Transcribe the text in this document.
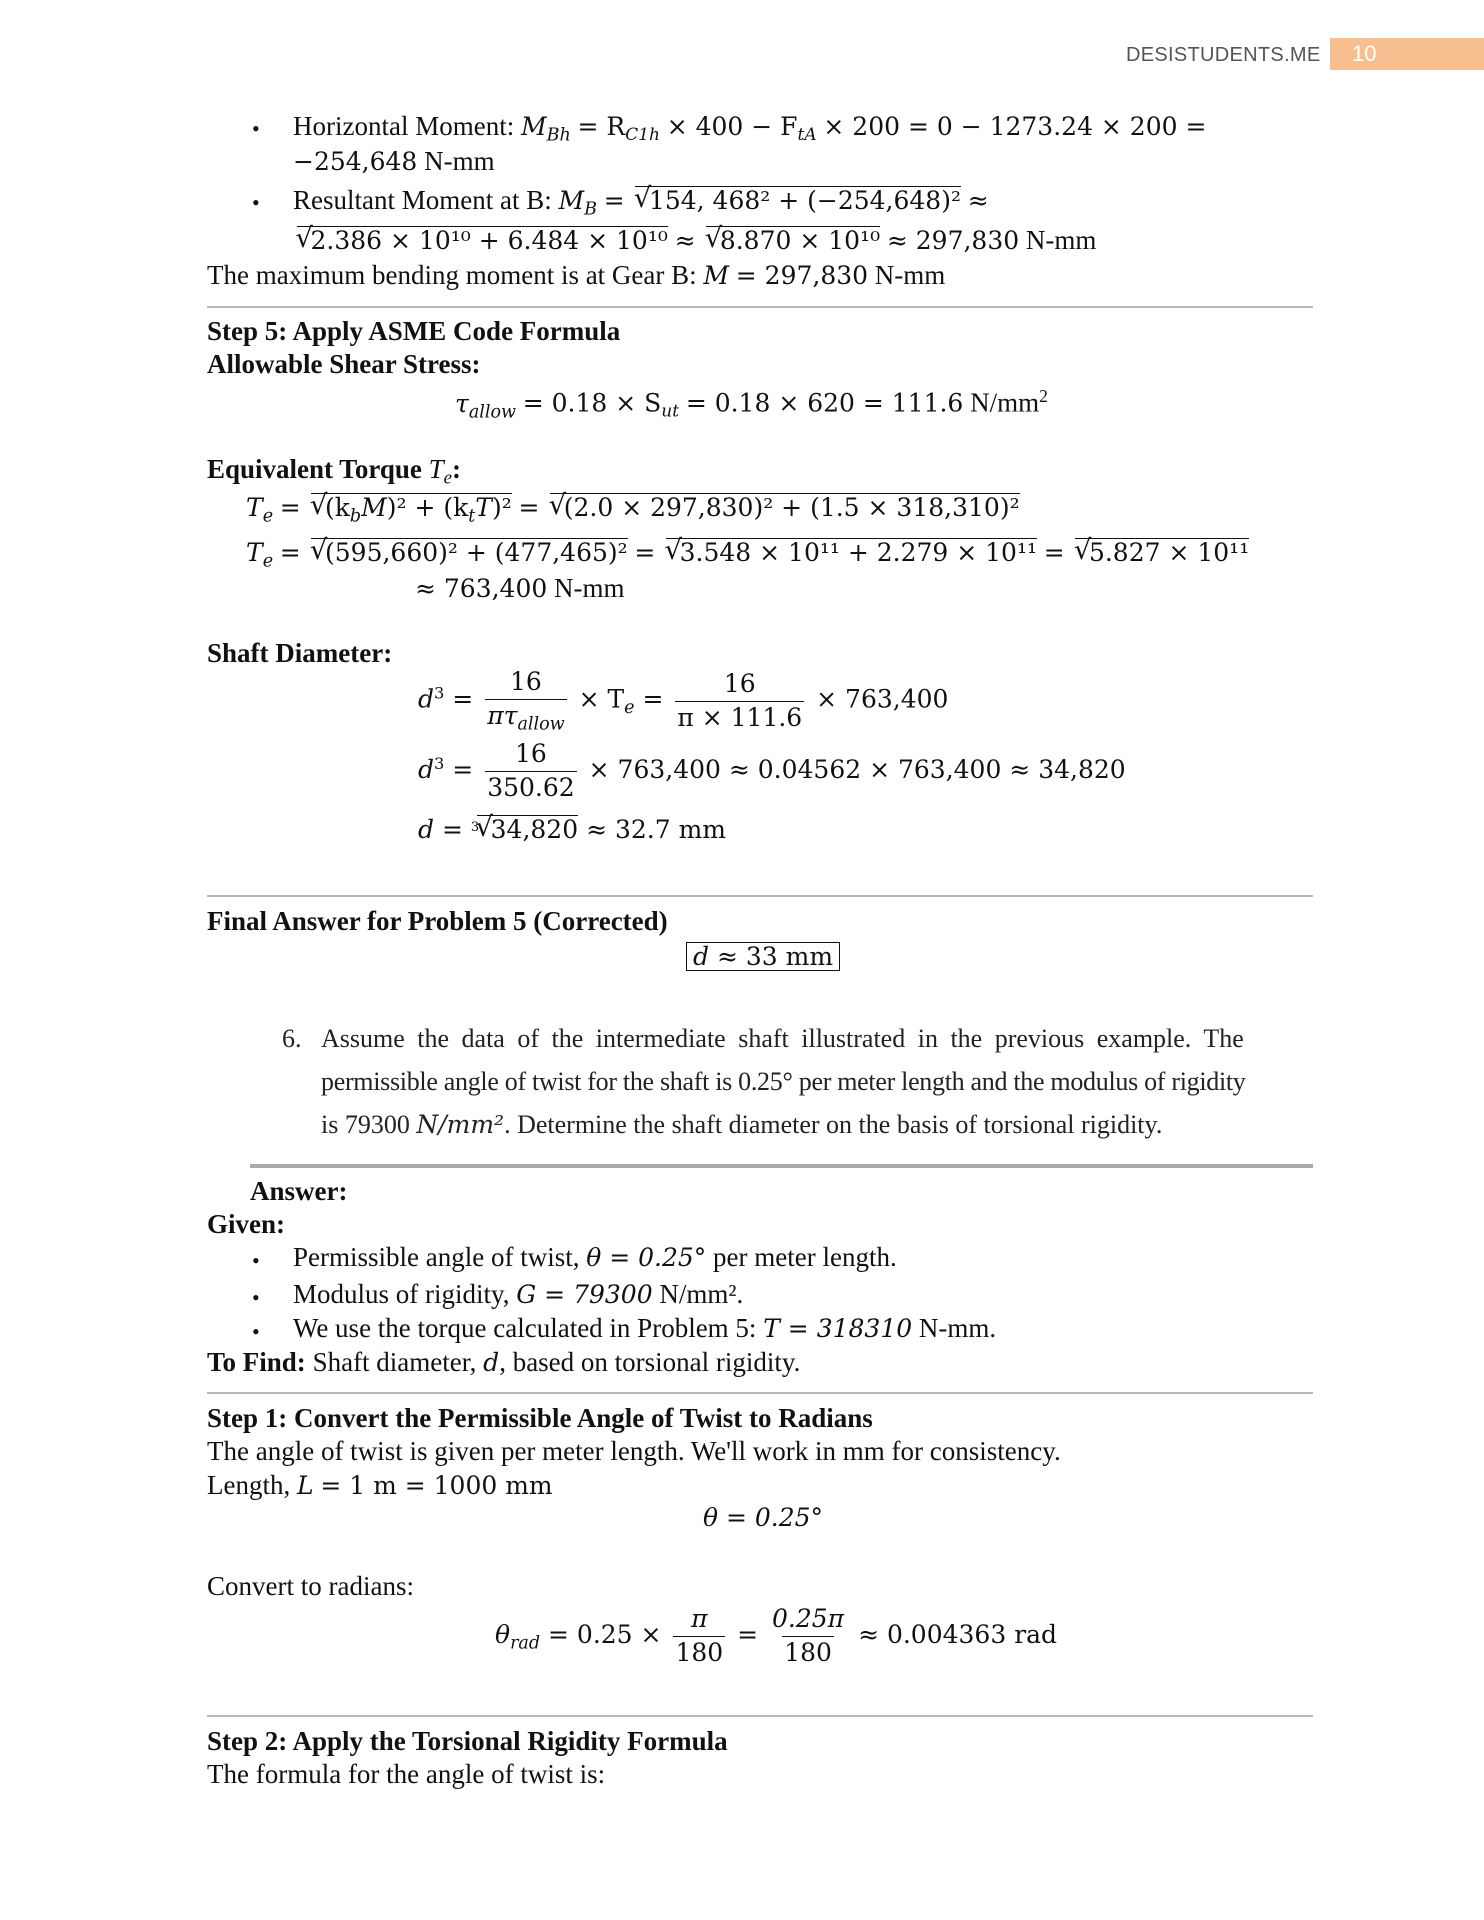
DESISTUDENTS.ME 10
• Horizontal Moment: $M_{Bh} = R_{C1h} \times 400 - F_{tA} \times 200 = 0 - 1273.24 \times 200$ =
−254,648 N-mm
• Resultant Moment at B: $M_B$ = √ 154, 468² + (−254,648)² ≈
√ 2.386 × 10¹⁰ + 6.484 × 10¹⁰ ≈ √ 8.870 × 10¹⁰ ≈ 297,830 N-mm
The maximum bending moment is at Gear B: M = 297,830 N-mm
Step 5: Apply ASME Code Formula
Allowable Shear Stress:
$\tau_{allow} = 0.18 \times S_{ut} = 0.18 \times 620 = 111.6$ $N/mm^2$
Equivalent Torque $T_e$:
$T_e$ = √ $(k_bM)^2 + (k_tT)^2$ = √ (2.0 × 297,830)² + (1.5 × 318,310)²
$T_e$ = √ (595,660)² + (477,465)² = √ 3.548 × 10¹¹ + 2.279 × 10¹¹ = √ 5.827 × 10¹¹
≈ 763,400 N-mm
Shaft Diameter:
$d^3 = \frac{16}{\pi\tau_{allow}} \times T_e = \frac{16}{\pi \times 111.6} \times 763,400$
$d^3 = \frac{16}{350.62} \times 763,400 \approx 0.04562 \times 763,400 \approx 34,820$
d = $^3$ √ 34,820 ≈ 32.7 mm
Final Answer for Problem 5 (Corrected)
d ≈ 33 mm
6. Assume the data of the intermediate shaft illustrated in the previous example. The
permissible angle of twist for the shaft is 0.25° per meter length and the modulus of rigidity
is 79300 N/mm². Determine the shaft diameter on the basis of torsional rigidity.
Answer:
Given:
• Permissible angle of twist, θ = 0.25° per meter length.
• Modulus of rigidity, G = 79300 N/mm².
• We use the torque calculated in Problem 5: T = 318310 N-mm.
To Find: Shaft diameter, d, based on torsional rigidity.
Step 1: Convert the Permissible Angle of Twist to Radians
The angle of twist is given per meter length. We'll work in mm for consistency.
Length, L = 1 m = 1000 mm
θ = 0.25°
Convert to radians:
$\theta_{rad} = 0.25 \times \frac{\pi}{180} = \frac{0.25\pi}{180} \approx 0.004363$ rad
Step 2: Apply the Torsional Rigidity Formula
The formula for the angle of twist is:
